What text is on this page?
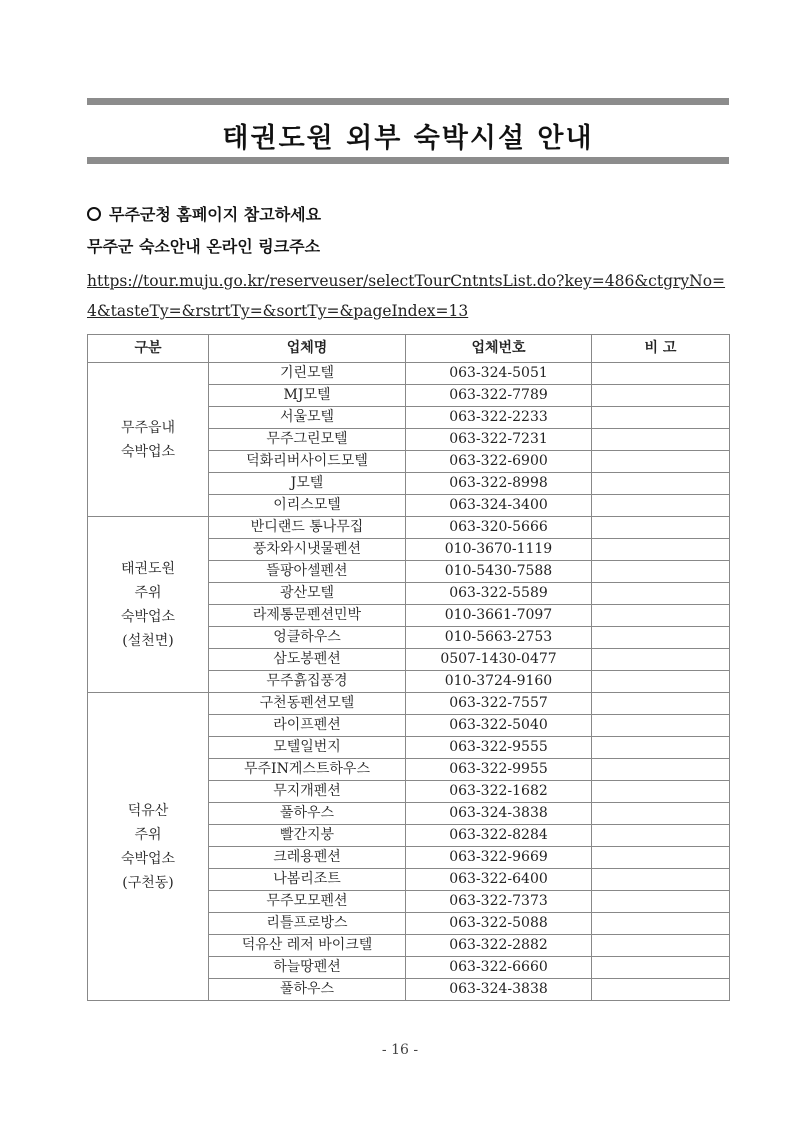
태권도원 외부 숙박시설 안내
무주군청 홈페이지 참고하세요
무주군 숙소안내 온라인 링크주소
https://tour.muju.go.kr/reserveuser/selectTourCntntsList.do?key=486&ctgryNo=4&tasteTy=&rstrtTy=&sortTy=&pageIndex=13
구분	업체명	업체번호	비 고

무주읍내
숙박업소	기린모텔	063-324-5051	
	MJ모텔	063-322-7789	
	서울모텔	063-322-2233	
	무주그린모텔	063-322-7231	
	덕화리버사이드모텔	063-322-6900	
	J모텔	063-322-8998	
	이리스모텔	063-324-3400	

태권도원
주위
숙박업소
(설천면)	반디랜드 통나무집	063-320-5666	
	풍차와시냇물펜션	010-3670-1119	
	뜰팡아셀펜션	010-5430-7588	
	광산모텔	063-322-5589	
	라제통문펜션민박	010-3661-7097	
	엉클하우스	010-5663-2753	
	삼도봉펜션	0507-1430-0477	
	무주흙집풍경	010-3724-9160	

덕유산
주위
숙박업소
(구천동)	구천동펜션모텔	063-322-7557	
	라이프펜션	063-322-5040	
	모텔일번지	063-322-9555	
	무주IN게스트하우스	063-322-9955	
	무지개펜션	063-322-1682	
	풀하우스	063-324-3838	
	빨간지붕	063-322-8284	
	크레용펜션	063-322-9669	
	나봄리조트	063-322-6400	
	무주모모펜션	063-322-7373	
	리틀프로방스	063-322-5088	
	덕유산 레저 바이크텔	063-322-2882	
	하늘땅펜션	063-322-6660	
	풀하우스	063-324-3838	
- 16 -
